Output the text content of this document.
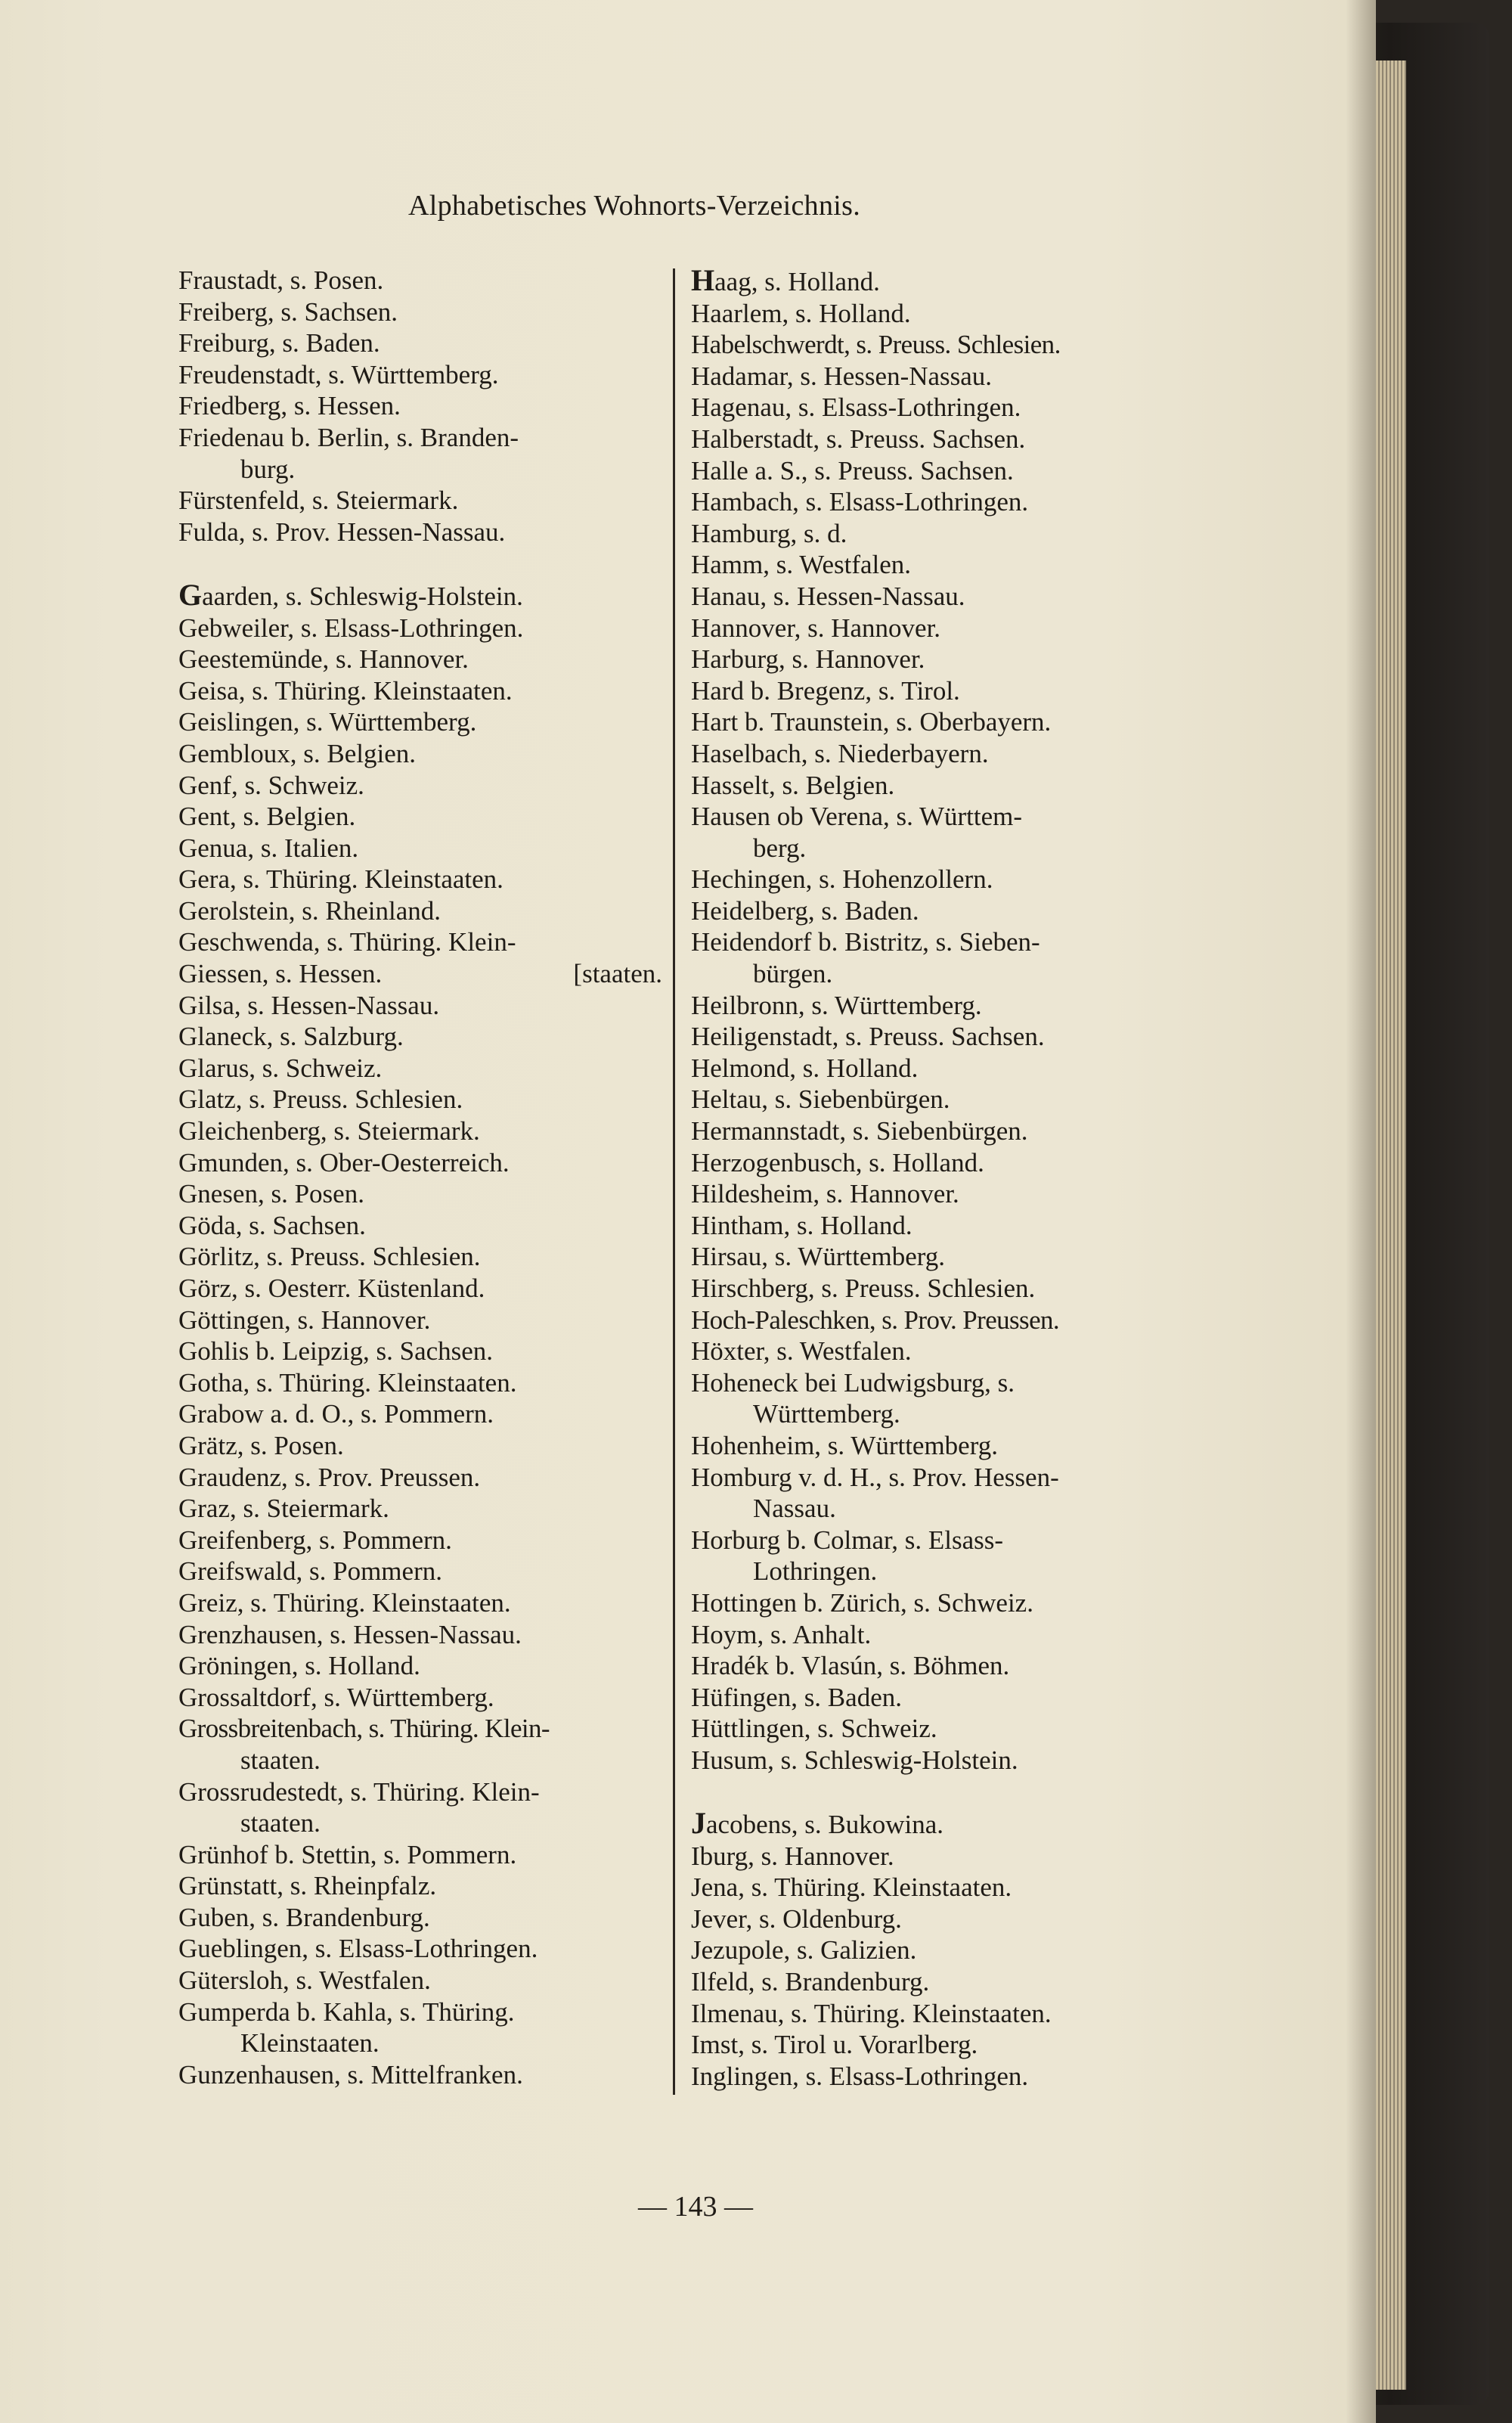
Alphabetisches Wohnorts-Verzeichnis.
Fraustadt, s. Posen.
Freiberg, s. Sachsen.
Freiburg, s. Baden.
Freudenstadt, s. Württemberg.
Friedberg, s. Hessen.
Friedenau b. Berlin, s. Branden-
burg.
Fürstenfeld, s. Steiermark.
Fulda, s. Prov. Hessen-Nassau.
Gaarden, s. Schleswig-Holstein.
Gebweiler, s. Elsass-Lothringen.
Geestemünde, s. Hannover.
Geisa, s. Thüring. Kleinstaaten.
Geislingen, s. Württemberg.
Gembloux, s. Belgien.
Genf, s. Schweiz.
Gent, s. Belgien.
Genua, s. Italien.
Gera, s. Thüring. Kleinstaaten.
Gerolstein, s. Rheinland.
Geschwenda, s. Thüring. Klein-
Giessen, s. Hessen.	[staaten.
Gilsa, s. Hessen-Nassau.
Glaneck, s. Salzburg.
Glarus, s. Schweiz.
Glatz, s. Preuss. Schlesien.
Gleichenberg, s. Steiermark.
Gmunden, s. Ober-Oesterreich.
Gnesen, s. Posen.
Göda, s. Sachsen.
Görlitz, s. Preuss. Schlesien.
Görz, s. Oesterr. Küstenland.
Göttingen, s. Hannover.
Gohlis b. Leipzig, s. Sachsen.
Gotha, s. Thüring. Kleinstaaten.
Grabow a. d. O., s. Pommern.
Grätz, s. Posen.
Graudenz, s. Prov. Preussen.
Graz, s. Steiermark.
Greifenberg, s. Pommern.
Greifswald, s. Pommern.
Greiz, s. Thüring. Kleinstaaten.
Grenzhausen, s. Hessen-Nassau.
Gröningen, s. Holland.
Grossaltdorf, s. Württemberg.
Grossbreitenbach, s. Thüring. Klein-
staaten.
Grossrudestedt, s. Thüring. Klein-
staaten.
Grünhof b. Stettin, s. Pommern.
Grünstatt, s. Rheinpfalz.
Guben, s. Brandenburg.
Gueblingen, s. Elsass-Lothringen.
Gütersloh, s. Westfalen.
Gumperda b. Kahla, s. Thüring.
Kleinstaaten.
Gunzenhausen, s. Mittelfranken.
Haag, s. Holland.
Haarlem, s. Holland.
Habelschwerdt, s. Preuss. Schlesien.
Hadamar, s. Hessen-Nassau.
Hagenau, s. Elsass-Lothringen.
Halberstadt, s. Preuss. Sachsen.
Halle a. S., s. Preuss. Sachsen.
Hambach, s. Elsass-Lothringen.
Hamburg, s. d.
Hamm, s. Westfalen.
Hanau, s. Hessen-Nassau.
Hannover, s. Hannover.
Harburg, s. Hannover.
Hard b. Bregenz, s. Tirol.
Hart b. Traunstein, s. Oberbayern.
Haselbach, s. Niederbayern.
Hasselt, s. Belgien.
Hausen ob Verena, s. Württem-
berg.
Hechingen, s. Hohenzollern.
Heidelberg, s. Baden.
Heidendorf b. Bistritz, s. Sieben-
bürgen.
Heilbronn, s. Württemberg.
Heiligenstadt, s. Preuss. Sachsen.
Helmond, s. Holland.
Heltau, s. Siebenbürgen.
Hermannstadt, s. Siebenbürgen.
Herzogenbusch, s. Holland.
Hildesheim, s. Hannover.
Hintham, s. Holland.
Hirsau, s. Württemberg.
Hirschberg, s. Preuss. Schlesien.
Hoch-Paleschken, s. Prov. Preussen.
Höxter, s. Westfalen.
Hoheneck bei Ludwigsburg, s.
Württemberg.
Hohenheim, s. Württemberg.
Homburg v. d. H., s. Prov. Hessen-
Nassau.
Horburg b. Colmar, s. Elsass-
Lothringen.
Hottingen b. Zürich, s. Schweiz.
Hoym, s. Anhalt.
Hradék b. Vlasún, s. Böhmen.
Hüfingen, s. Baden.
Hüttlingen, s. Schweiz.
Husum, s. Schleswig-Holstein.
Jacobens, s. Bukowina.
Iburg, s. Hannover.
Jena, s. Thüring. Kleinstaaten.
Jever, s. Oldenburg.
Jezupole, s. Galizien.
Ilfeld, s. Brandenburg.
Ilmenau, s. Thüring. Kleinstaaten.
Imst, s. Tirol u. Vorarlberg.
Inglingen, s. Elsass-Lothringen.
— 143 —
